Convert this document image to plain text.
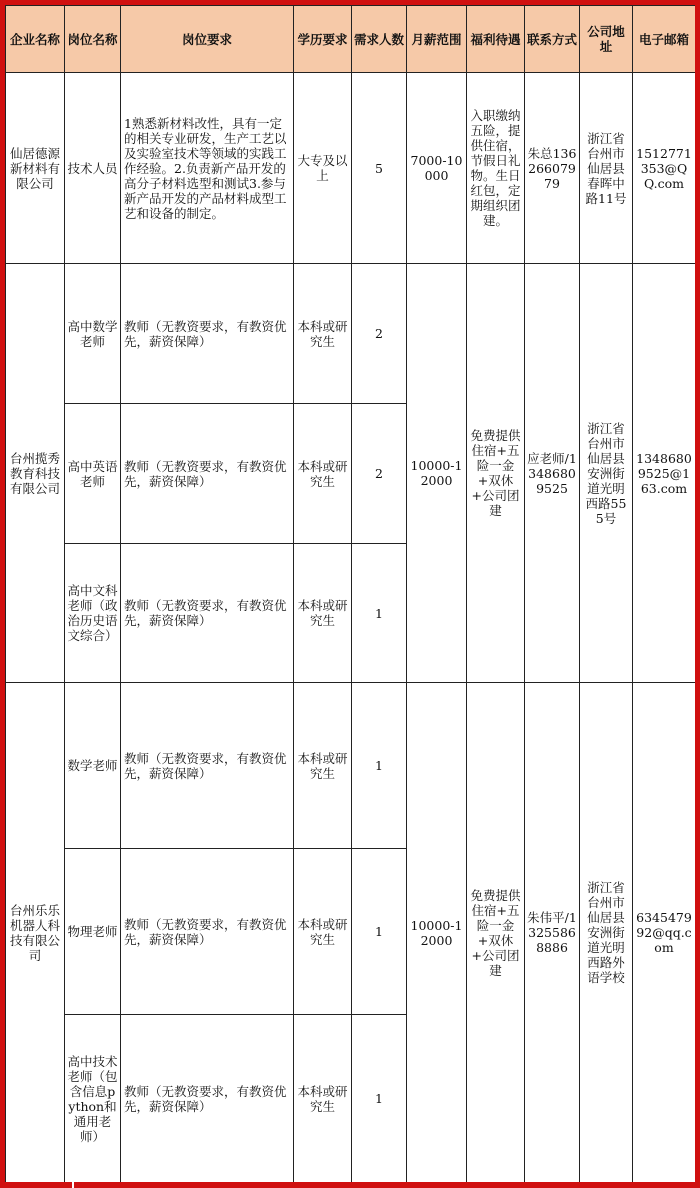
企业名称	岗位名称	岗位要求	学历要求	需求人数	月薪范围	福利待遇	联系方式	公司地址	电子邮箱
仙居德源新材料有限公司	技术人员	1熟悉新材料改性，具有一定的相关专业研发，生产工艺以及实验室技术等领域的实践工作经验。2.负责新产品开发的高分子材料选型和测试3.参与新产品开发的产品材料成型工艺和设备的制定。	大专及以上	5	7000-10000	入职缴纳五险，提供住宿，节假日礼物。生日红包，定期组织团建。	朱总13626607979	浙江省台州市仙居县春晖中路11号	1512771353@QQ.com
台州揽秀教育科技有限公司	高中数学老师	教师（无教资要求，有教资优先，薪资保障）	本科或研究生	2	10000-12000	免费提供住宿+五险一金+双休+公司团建	应老师/13486809525	浙江省台州市仙居县安洲街道光明西路555号	13486809525@163.com
	高中英语老师	教师（无教资要求，有教资优先，薪资保障）	本科或研究生	2					
	高中文科老师（政治历史语文综合）	教师（无教资要求，有教资优先，薪资保障）	本科或研究生	1					
台州乐乐机器人科技有限公司	数学老师	教师（无教资要求，有教资优先，薪资保障）	本科或研究生	1	10000-12000	免费提供住宿+五险一金+双休+公司团建	朱伟平/13255868886	浙江省台州市仙居县安洲街道光明西路外语学校	634547992@qq.com
	物理老师	教师（无教资要求，有教资优先，薪资保障）	本科或研究生	1					
	高中技术老师（包含信息python和通用老师）	教师（无教资要求，有教资优先，薪资保障）	本科或研究生	1					
